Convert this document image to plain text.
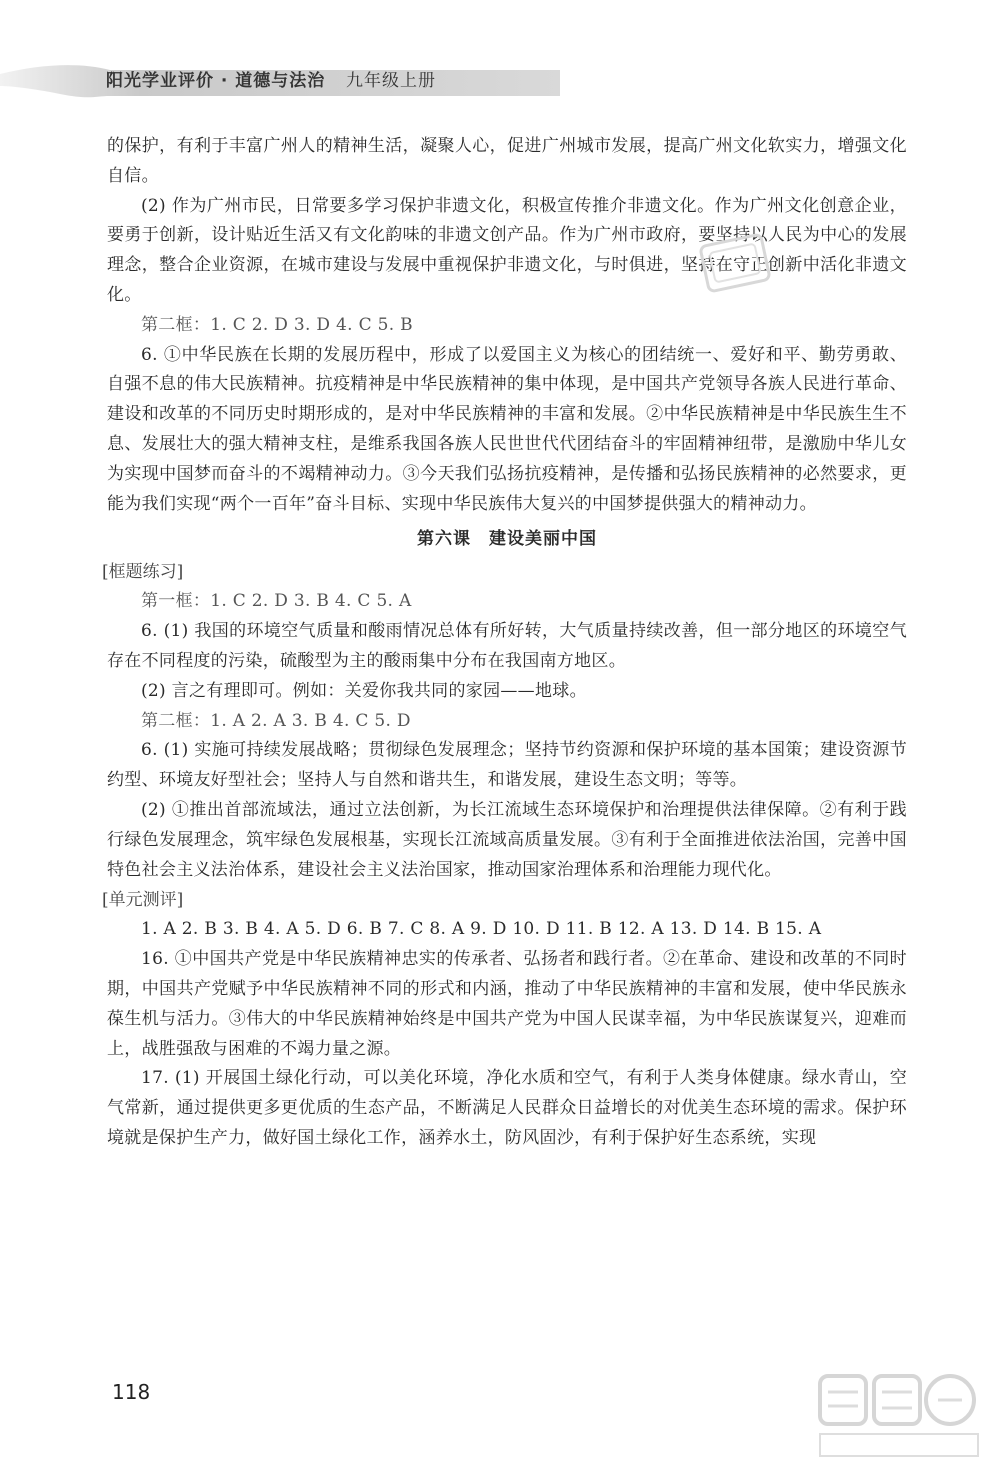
阳光学业评价 · 道德与法治 九年级上册

的保护，有利于丰富广州人的精神生活，凝聚人心，促进广州城市发展，提高广州文化软实力，增强文化自信。

(2) 作为广州市民，日常要多学习保护非遗文化，积极宣传推介非遗文化。作为广州文化创意企业，要勇于创新，设计贴近生活又有文化韵味的非遗文创产品。作为广州市政府，要坚持以人民为中心的发展理念，整合企业资源，在城市建设与发展中重视保护非遗文化，与时俱进，坚持在守正创新中活化非遗文化。

第二框：1. C 2. D 3. D 4. C 5. B

6. ①中华民族在长期的发展历程中，形成了以爱国主义为核心的团结统一、爱好和平、勤劳勇敢、自强不息的伟大民族精神。抗疫精神是中华民族精神的集中体现，是中国共产党领导各族人民进行革命、建设和改革的不同历史时期形成的，是对中华民族精神的丰富和发展。②中华民族精神是中华民族生生不息、发展壮大的强大精神支柱，是维系我国各族人民世世代代团结奋斗的牢固精神纽带，是激励中华儿女为实现中国梦而奋斗的不竭精神动力。③今天我们弘扬抗疫精神，是传播和弘扬民族精神的必然要求，更能为我们实现“两个一百年”奋斗目标、实现中华民族伟大复兴的中国梦提供强大的精神动力。

第六课　建设美丽中国
[框题练习]

第一框：1. C 2. D 3. B 4. C 5. A

6. (1) 我国的环境空气质量和酸雨情况总体有所好转，大气质量持续改善，但一部分地区的环境空气存在不同程度的污染，硫酸型为主的酸雨集中分布在我国南方地区。

(2) 言之有理即可。例如：关爱你我共同的家园——地球。

第二框：1. A 2. A 3. B 4. C 5. D

6. (1) 实施可持续发展战略；贯彻绿色发展理念；坚持节约资源和保护环境的基本国策；建设资源节约型、环境友好型社会；坚持人与自然和谐共生，和谐发展，建设生态文明；等等。

(2) ①推出首部流域法，通过立法创新，为长江流域生态环境保护和治理提供法律保障。②有利于践行绿色发展理念，筑牢绿色发展根基，实现长江流域高质量发展。③有利于全面推进依法治国，完善中国特色社会主义法治体系，建设社会主义法治国家，推动国家治理体系和治理能力现代化。

[单元测评]

1. A 2. B 3. B 4. A 5. D 6. B 7. C 8. A 9. D 10. D 11. B 12. A 13. D 14. B 15. A

16. ①中国共产党是中华民族精神忠实的传承者、弘扬者和践行者。②在革命、建设和改革的不同时期，中国共产党赋予中华民族精神不同的形式和内涵，推动了中华民族精神的丰富和发展，使中华民族永葆生机与活力。③伟大的中华民族精神始终是中国共产党为中国人民谋幸福，为中华民族谋复兴，迎难而上，战胜强敌与困难的不竭力量之源。

17. (1) 开展国土绿化行动，可以美化环境，净化水质和空气，有利于人类身体健康。绿水青山，空气常新，通过提供更多更优质的生态产品，不断满足人民群众日益增长的对优美生态环境的需求。保护环境就是保护生产力，做好国土绿化工作，涵养水土，防风固沙，有利于保护好生态系统，实现

118
